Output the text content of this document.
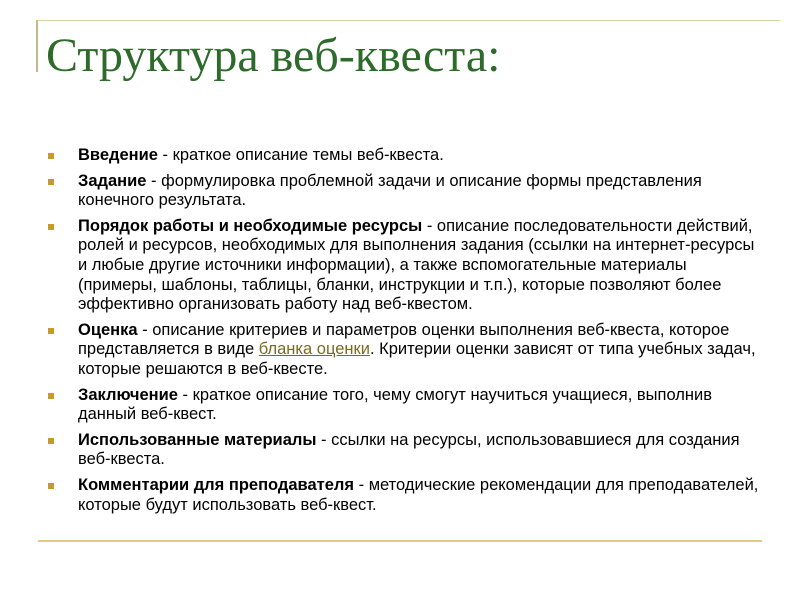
Структура веб-квеста:
Введение - краткое описание темы веб-квеста.
Задание - формулировка проблемной задачи и описание формы представления конечного результата.
Порядок работы и необходимые ресурсы - описание последовательности действий, ролей и ресурсов, необходимых для выполнения задания (ссылки на интернет-ресурсы и любые другие источники информации), а также вспомогательные материалы (примеры, шаблоны, таблицы, бланки, инструкции и т.п.), которые позволяют более эффективно организовать работу над веб-квестом.
Оценка - описание критериев и параметров оценки выполнения веб-квеста, которое представляется в виде бланка оценки. Критерии оценки зависят от типа учебных задач, которые решаются в веб-квесте.
Заключение - краткое описание того, чему смогут научиться учащиеся, выполнив данный веб-квест.
Использованные материалы - ссылки на ресурсы, использовавшиеся для создания веб-квеста.
Комментарии для преподавателя - методические рекомендации для преподавателей, которые будут использовать веб-квест.
